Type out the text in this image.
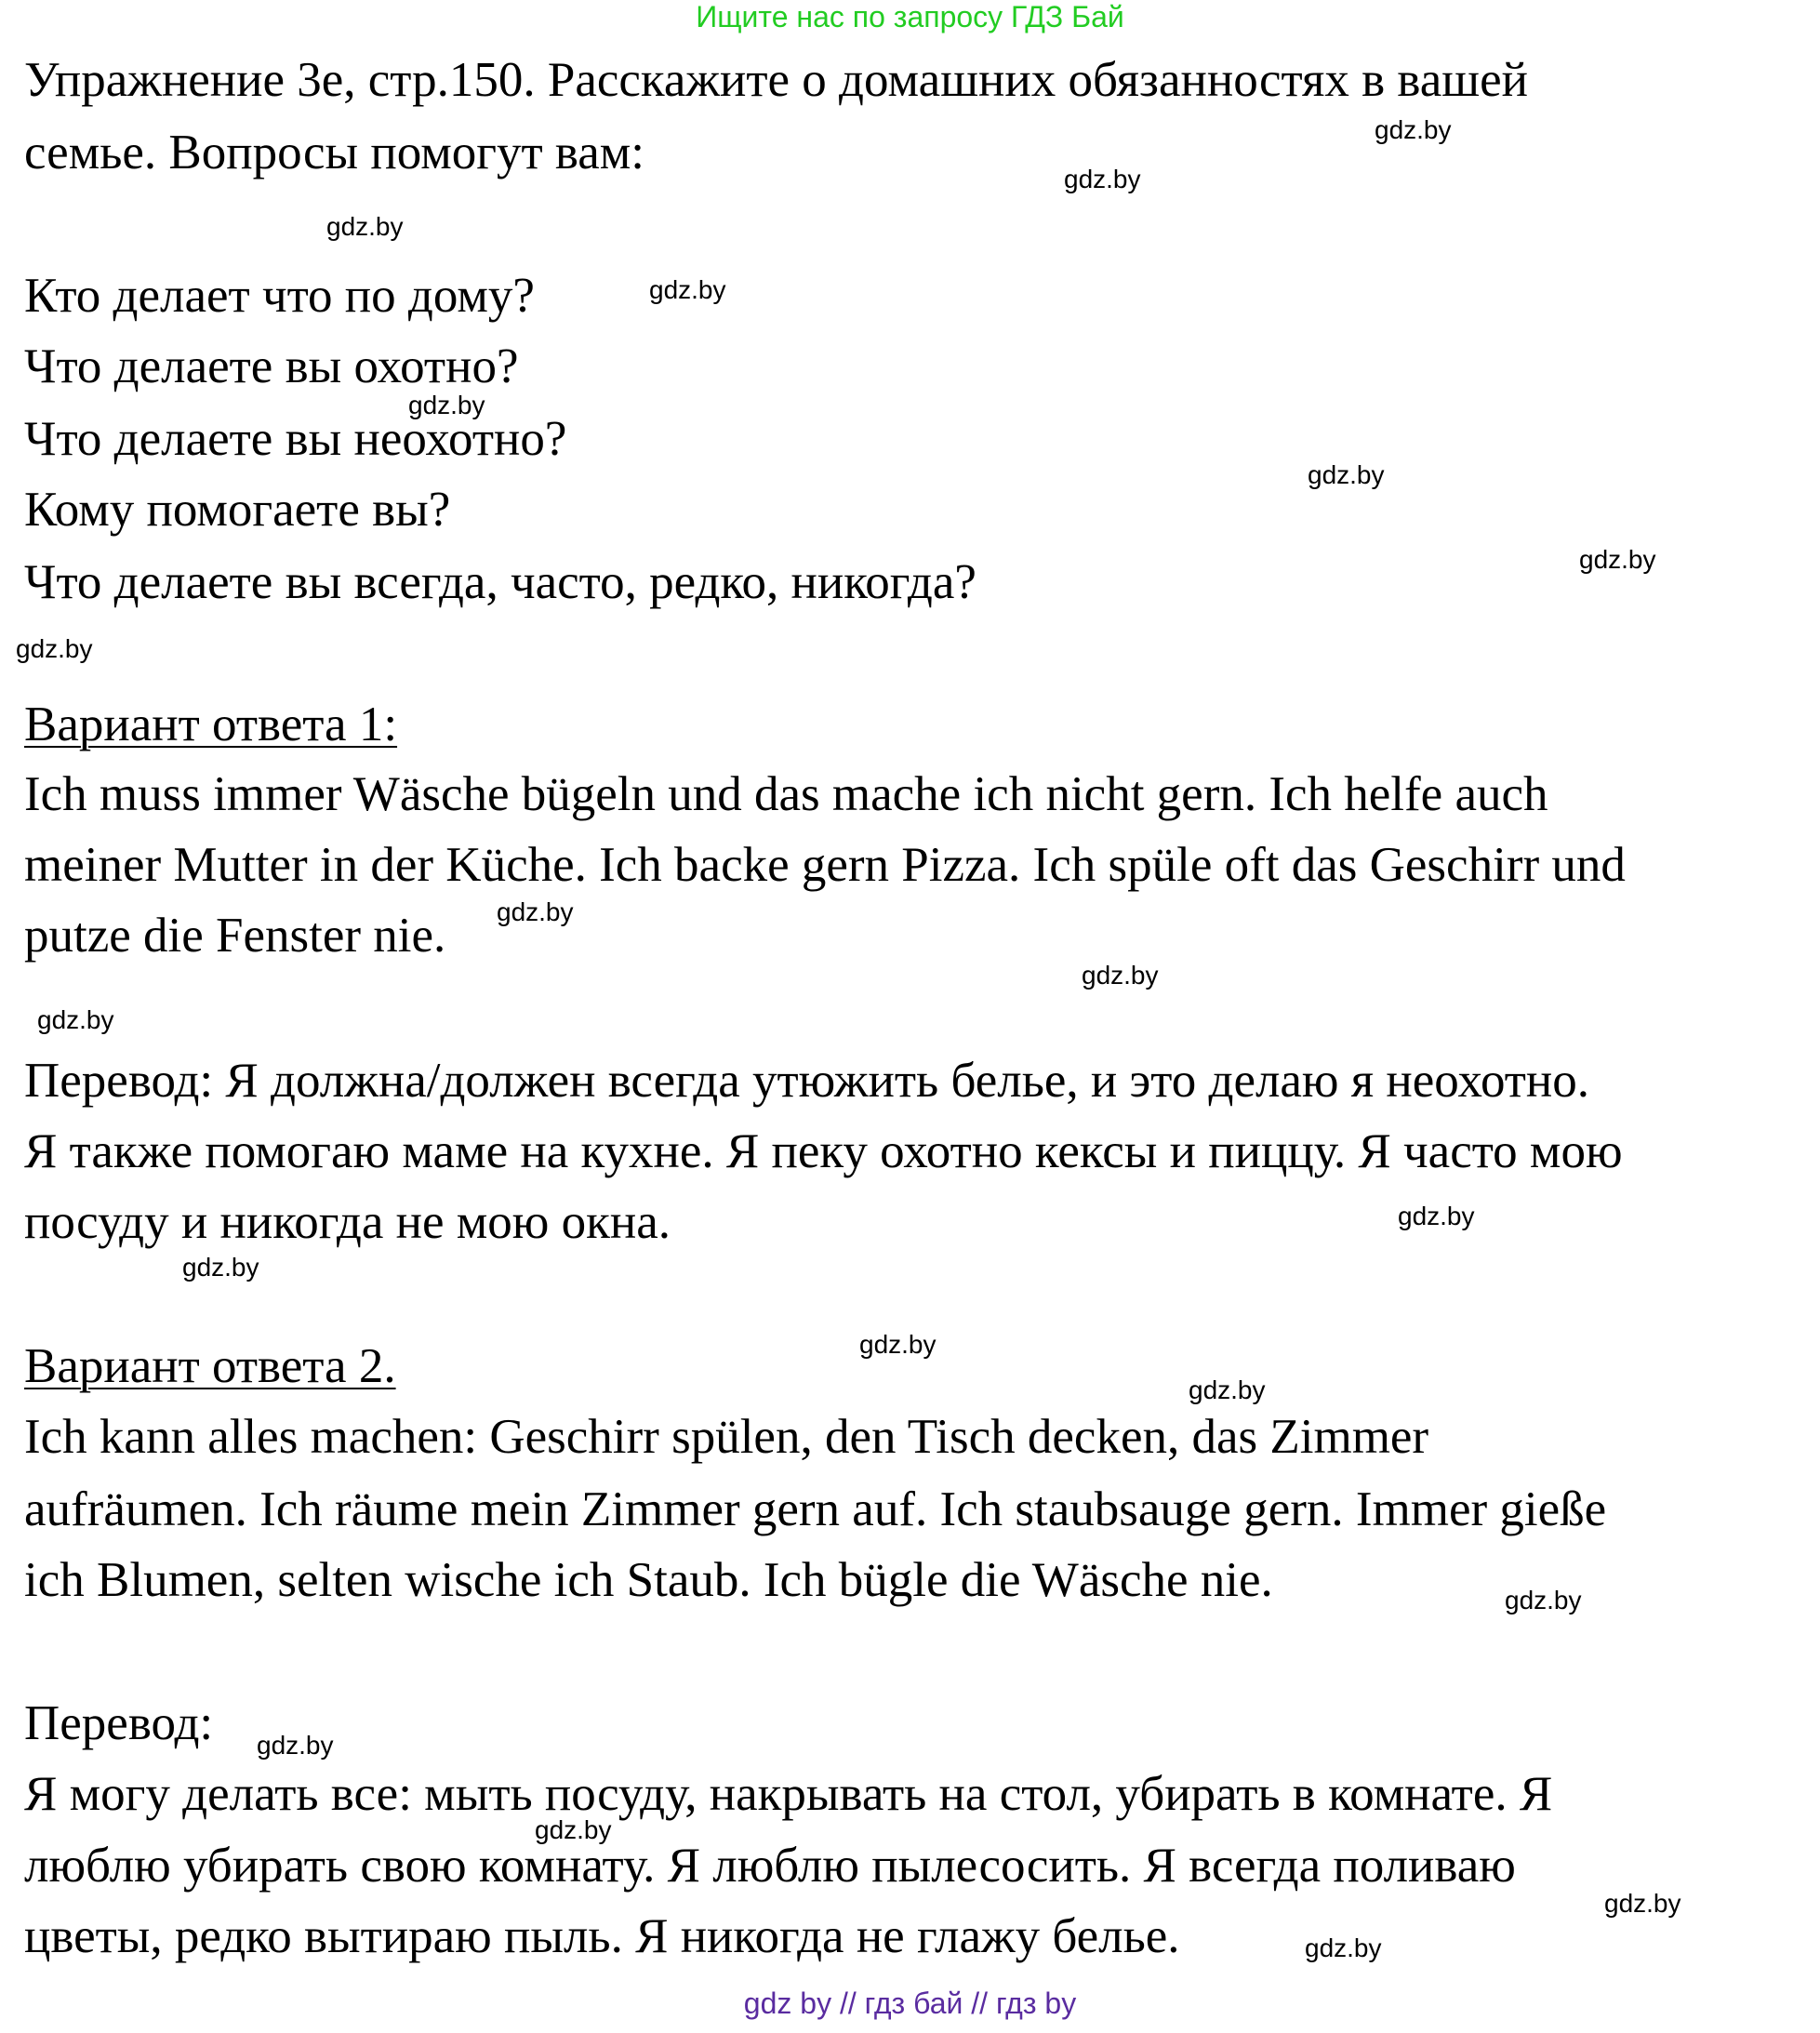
Ищите нас по запросу ГДЗ Бай
Упражнение 3е, стр.150. Расскажите о домашних обязанностях в вашей
семье. Вопросы помогут вам:
Кто делает что по дому?
Что делаете вы охотно?
Что делаете вы неохотно?
Кому помогаете вы?
Что делаете вы всегда, часто, редко, никогда?
Вариант ответа 1:
Ich muss immer Wäsche bügeln und das mache ich nicht gern. Ich helfe auch
meiner Mutter in der Küche. Ich backe gern Pizza. Ich spüle oft das Geschirr und
putze die Fenster nie.
Перевод: Я должна/должен всегда утюжить белье, и это делаю я неохотно.
Я также помогаю маме на кухне. Я пеку охотно кексы и пиццу. Я часто мою
посуду и никогда не мою окна.
Вариант ответа 2.
Ich kann alles machen: Geschirr spülen, den Tisch decken, das Zimmer
aufräumen. Ich räume mein Zimmer gern auf. Ich staubsauge gern. Immer gieße
ich Blumen, selten wische ich Staub. Ich bügle die Wäsche nie.
Перевод:
Я могу делать все: мыть посуду, накрывать на стол, убирать в комнате. Я
люблю убирать свою комнату. Я люблю пылесосить. Я всегда поливаю
цветы, редко вытираю пыль. Я никогда не глажу белье.
gdz.by
gdz.by
gdz.by
gdz.by
gdz.by
gdz.by
gdz.by
gdz.by
gdz.by
gdz.by
gdz.by
gdz.by
gdz.by
gdz.by
gdz.by
gdz.by
gdz.by
gdz.by
gdz.by
gdz.by
gdz by // гдз бай // гдз by
